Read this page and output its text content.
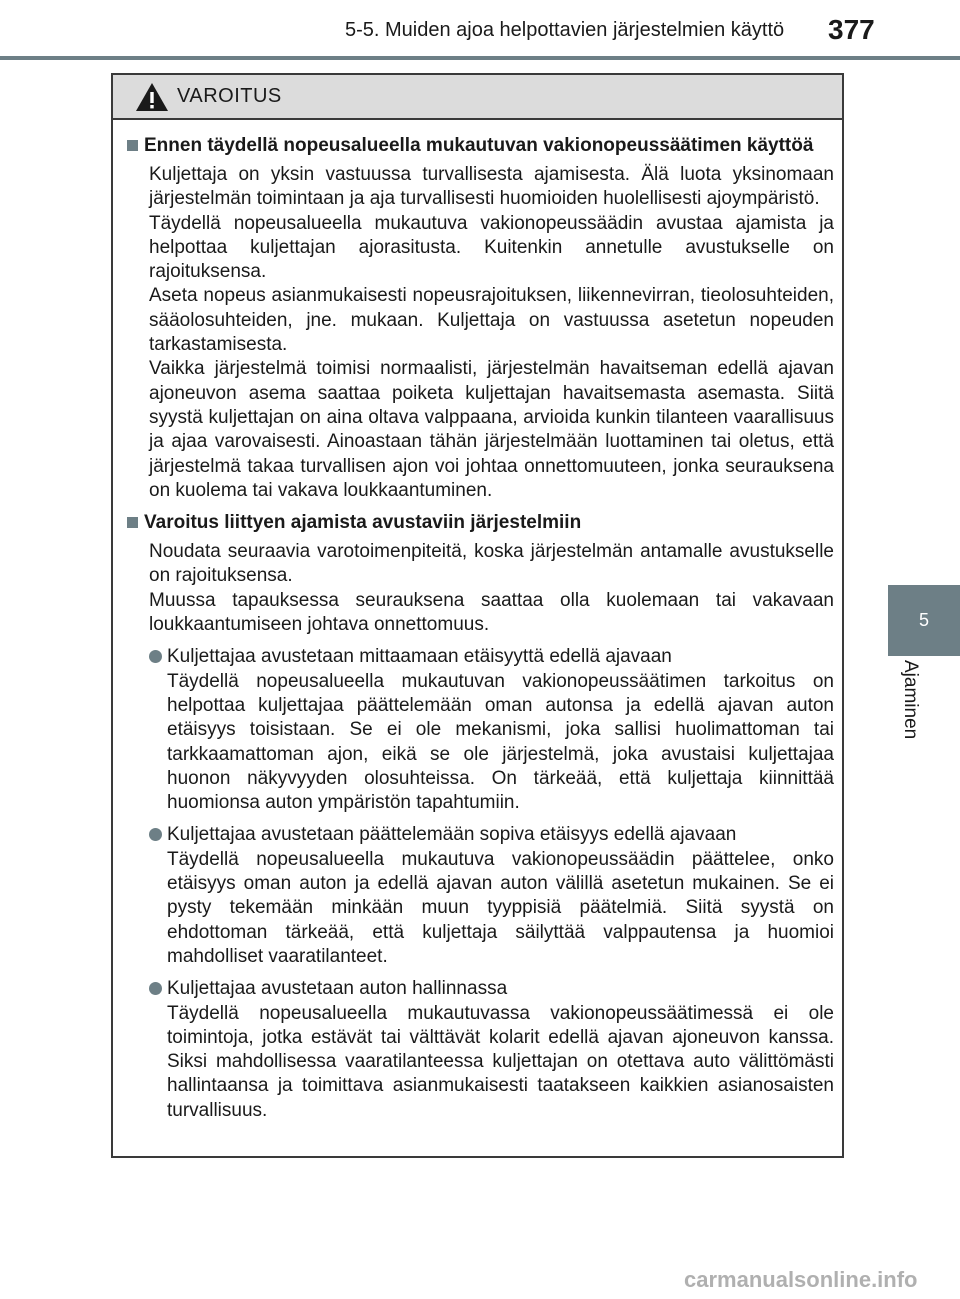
5-5. Muiden ajoa helpottavien järjestelmien käyttö 377
5
Ajaminen
VAROITUS
Ennen täydellä nopeusalueella mukautuvan vakionopeussäätimen käyttöä

Kuljettaja on yksin vastuussa turvallisesta ajamisesta. Älä luota yksinomaan järjestelmän toimintaan ja aja turvallisesti huomioiden huolellisesti ajoympäristö.

Täydellä nopeusalueella mukautuva vakionopeussäädin avustaa ajamista ja helpottaa kuljettajan ajorasitusta. Kuitenkin annetulle avustukselle on rajoituksensa.

Aseta nopeus asianmukaisesti nopeusrajoituksen, liikennevirran, tieolosuhteiden, sääolosuhteiden, jne. mukaan. Kuljettaja on vastuussa asetetun nopeuden tarkastamisesta.

Vaikka järjestelmä toimisi normaalisti, järjestelmän havaitseman edellä ajavan ajoneuvon asema saattaa poiketa kuljettajan havaitsemasta asemasta. Siitä syystä kuljettajan on aina oltava valppaana, arvioida kunkin tilanteen vaarallisuus ja ajaa varovaisesti. Ainoastaan tähän järjestelmään luottaminen tai oletus, että järjestelmä takaa turvallisen ajon voi johtaa onnettomuuteen, jonka seurauksena on kuolema tai vakava loukkaantuminen.

Varoitus liittyen ajamista avustaviin järjestelmiin

Noudata seuraavia varotoimenpiteitä, koska järjestelmän antamalle avustukselle on rajoituksensa.

Muussa tapauksessa seurauksena saattaa olla kuolemaan tai vakavaan loukkaantumiseen johtava onnettomuus.

Kuljettajaa avustetaan mittaamaan etäisyyttä edellä ajavaan

Täydellä nopeusalueella mukautuvan vakionopeussäätimen tarkoitus on helpottaa kuljettajaa päättelemään oman autonsa ja edellä ajavan auton etäisyys toisistaan. Se ei ole mekanismi, joka sallisi huolimattoman tai tarkkaamattoman ajon, eikä se ole järjestelmä, joka avustaisi kuljettajaa huonon näkyvyyden olosuhteissa. On tärkeää, että kuljettaja kiinnittää huomionsa auton ympäristön tapahtumiin.

Kuljettajaa avustetaan päättelemään sopiva etäisyys edellä ajavaan

Täydellä nopeusalueella mukautuva vakionopeussäädin päättelee, onko etäisyys oman auton ja edellä ajavan auton välillä asetetun mukainen. Se ei pysty tekemään minkään muun tyyppisiä päätelmiä. Siitä syystä on ehdottoman tärkeää, että kuljettaja säilyttää valppautensa ja huomioi mahdolliset vaaratilanteet.

Kuljettajaa avustetaan auton hallinnassa

Täydellä nopeusalueella mukautuvassa vakionopeussäätimessä ei ole toimintoja, jotka estävät tai välttävät kolarit edellä ajavan ajoneuvon kanssa. Siksi mahdollisessa vaaratilanteessa kuljettajan on otettava auto välittömästi hallintaansa ja toimittava asianmukaisesti taatakseen kaikkien asianosaisten turvallisuus.

carmanualsonline.info
